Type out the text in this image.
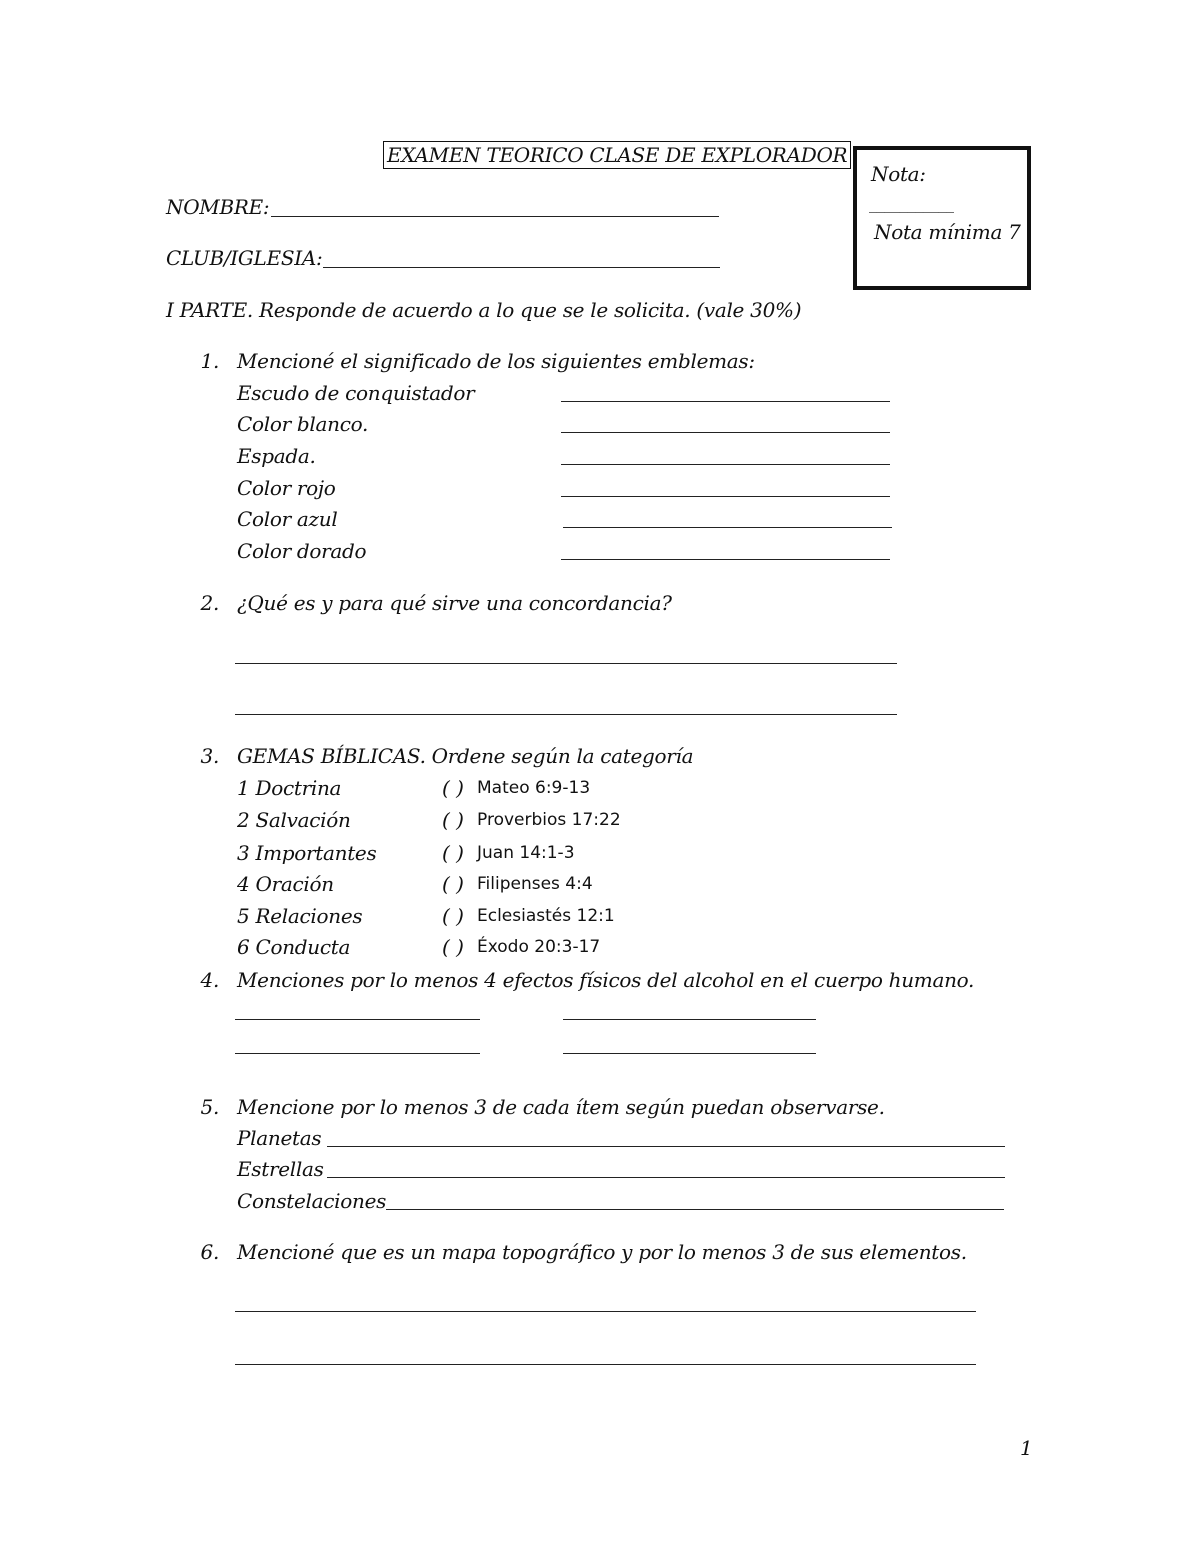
EXAMEN TEORICO CLASE DE EXPLORADOR
Nota:
___________
Nota mínima 7
NOMBRE:
CLUB/IGLESIA:
I PARTE. Responde de acuerdo a lo que se le solicita. (vale 30%)
1. Mencioné el significado de los siguientes emblemas:
Escudo de conquistador
Color blanco.
Espada.
Color rojo
Color azul
Color dorado
2. ¿Qué es y para qué sirve una concordancia?
3. GEMAS BÍBLICAS. Ordene según la categoría
1 Doctrina	( ) Mateo 6:9-13
2 Salvación	( ) Proverbios 17:22
3 Importantes	( ) Juan 14:1-3
4 Oración	( ) Filipenses 4:4
5 Relaciones	( ) Eclesiastés 12:1
6 Conducta	( ) Éxodo 20:3-17
4. Menciones por lo menos 4 efectos físicos del alcohol en el cuerpo humano.
5. Mencione por lo menos 3 de cada ítem según puedan observarse.
Planetas
Estrellas
Constelaciones
6. Mencioné que es un mapa topográfico y por lo menos 3 de sus elementos.
1
